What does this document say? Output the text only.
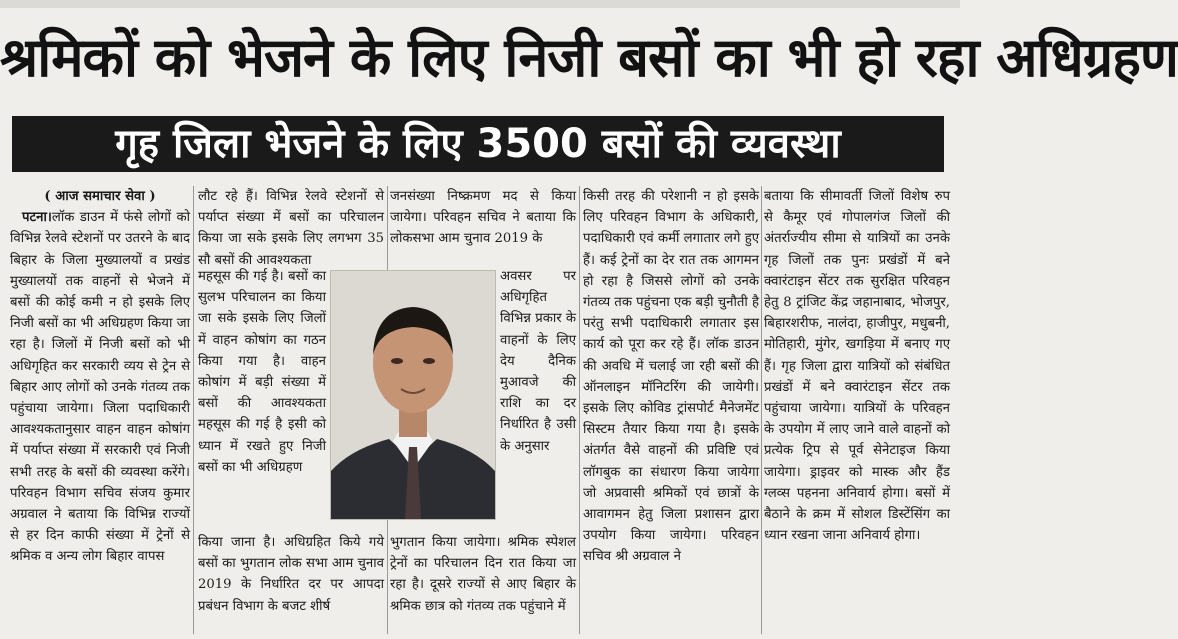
श्रमिकों को भेजने के लिए निजी बसों का भी हो रहा अधिग्रहण
गृह जिला भेजने के लिए 3500 बसों की व्यवस्था
( आज समाचार सेवा )

पटना।लॉक डाउन में फंसे लोगों को विभिन्न रेलवे स्टेशनों पर उतरने के बाद बिहार के जिला मुख्यालयों व प्रखंड मुख्यालयों तक वाहनों से भेजने में बसों की कोई कमी न हो इसके लिए निजी बसों का भी अधिग्रहण किया जा रहा है। जिलों में निजी बसों को भी अधिगृहित कर सरकारी व्यय से ट्रेन से बिहार आए लोगों को उनके गंतव्य तक पहुंचाया जायेगा। जिला पदाधिकारी आवश्यकतानुसार वाहन वाहन कोषांग में पर्याप्त संख्या में सरकारी एवं निजी सभी तरह के बसों की व्यवस्था करेंगे। परिवहन विभाग सचिव संजय कुमार अग्रवाल ने बताया कि विभिन्न राज्यों से हर दिन काफी संख्या में ट्रेनों से श्रमिक व अन्य लोग बिहार वापस

लौट रहे हैं। विभिन्न रेलवे स्टेशनों से पर्याप्त संख्या में बसों का परिचालन किया जा सके इसके लिए लगभग 35 सौ बसों की आवश्यकता
महसूस की गई है। बसों का सुलभ परिचालन का किया जा सके इसके लिए जिलों में वाहन कोषांग का गठन किया गया है। वाहन कोषांग में बड़ी संख्या में बसों की आवश्यकता महसूस की गई है इसी को ध्यान में रखते हुए निजी बसों का भी अधिग्रहण
किया जाना है। अधिग्रहित किये गये बसों का भुगतान लोक सभा आम चुनाव 2019 के निर्धारित दर पर आपदा प्रबंधन विभाग के बजट शीर्ष
जनसंख्या निष्क्रमण मद से किया जायेगा। परिवहन सचिव ने बताया कि लोकसभा आम चुनाव 2019 के
अवसर पर अधिगृहित विभिन्न प्रकार के वाहनों के लिए देय दैनिक मुआवजे की राशि का दर निर्धारित है उसी के अनुसार
भुगतान किया जायेगा। श्रमिक स्पेशल ट्रेनों का परिचालन दिन रात किया जा रहा है। दूसरे राज्यों से आए बिहार के श्रमिक छात्र को गंतव्य तक पहुंचाने में
किसी तरह की परेशानी न हो इसके लिए परिवहन विभाग के अधिकारी, पदाधिकारी एवं कर्मी लगातार लगे हुए हैं। कई ट्रेनों का देर रात तक आगमन हो रहा है जिससे लोगों को उनके गंतव्य तक पहुंचना एक बड़ी चुनौती है परंतु सभी पदाधिकारी लगातार इस कार्य को पूरा कर रहे हैं। लॉक डाउन की अवधि में चलाई जा रही बसों की ऑनलाइन मॉनिटरिंग की जायेगी। इसके लिए कोविड ट्रांसपोर्ट मैनेजमेंट सिस्टम तैयार किया गया है। इसके अंतर्गत वैसे वाहनों की प्रविष्टि एवं लॉगबुक का संधारण किया जायेगा जो अप्रवासी श्रमिकों एवं छात्रों के आवागमन हेतु जिला प्रशासन द्वारा उपयोग किया जायेगा। परिवहन सचिव श्री अग्रवाल ने
बताया कि सीमावर्ती जिलों विशेष रुप से कैमूर एवं गोपालगंज जिलों की अंतर्राज्यीय सीमा से यात्रियों का उनके गृह जिलों तक पुनः प्रखंडों में बने क्वारंटाइन सेंटर तक सुरक्षित परिवहन हेतु 8 ट्रांजिट केंद्र जहानाबाद, भोजपुर, बिहारशरीफ, नालंदा, हाजीपुर, मधुबनी, मोतिहारी, मुंगेर, खगड़िया में बनाए गए हैं। गृह जिला द्वारा यात्रियों को संबंधित प्रखंडों में बने क्वारंटाइन सेंटर तक पहुंचाया जायेगा। यात्रियों के परिवहन के उपयोग में लाए जाने वाले वाहनों को प्रत्येक ट्रिप से पूर्व सेनेटाइज किया जायेगा। ड्राइवर को मास्क और हैंड ग्लव्स पहनना अनिवार्य होगा। बसों में बैठाने के क्रम में सोशल डिस्टेंसिंग का ध्यान रखना जाना अनिवार्य होगा।
